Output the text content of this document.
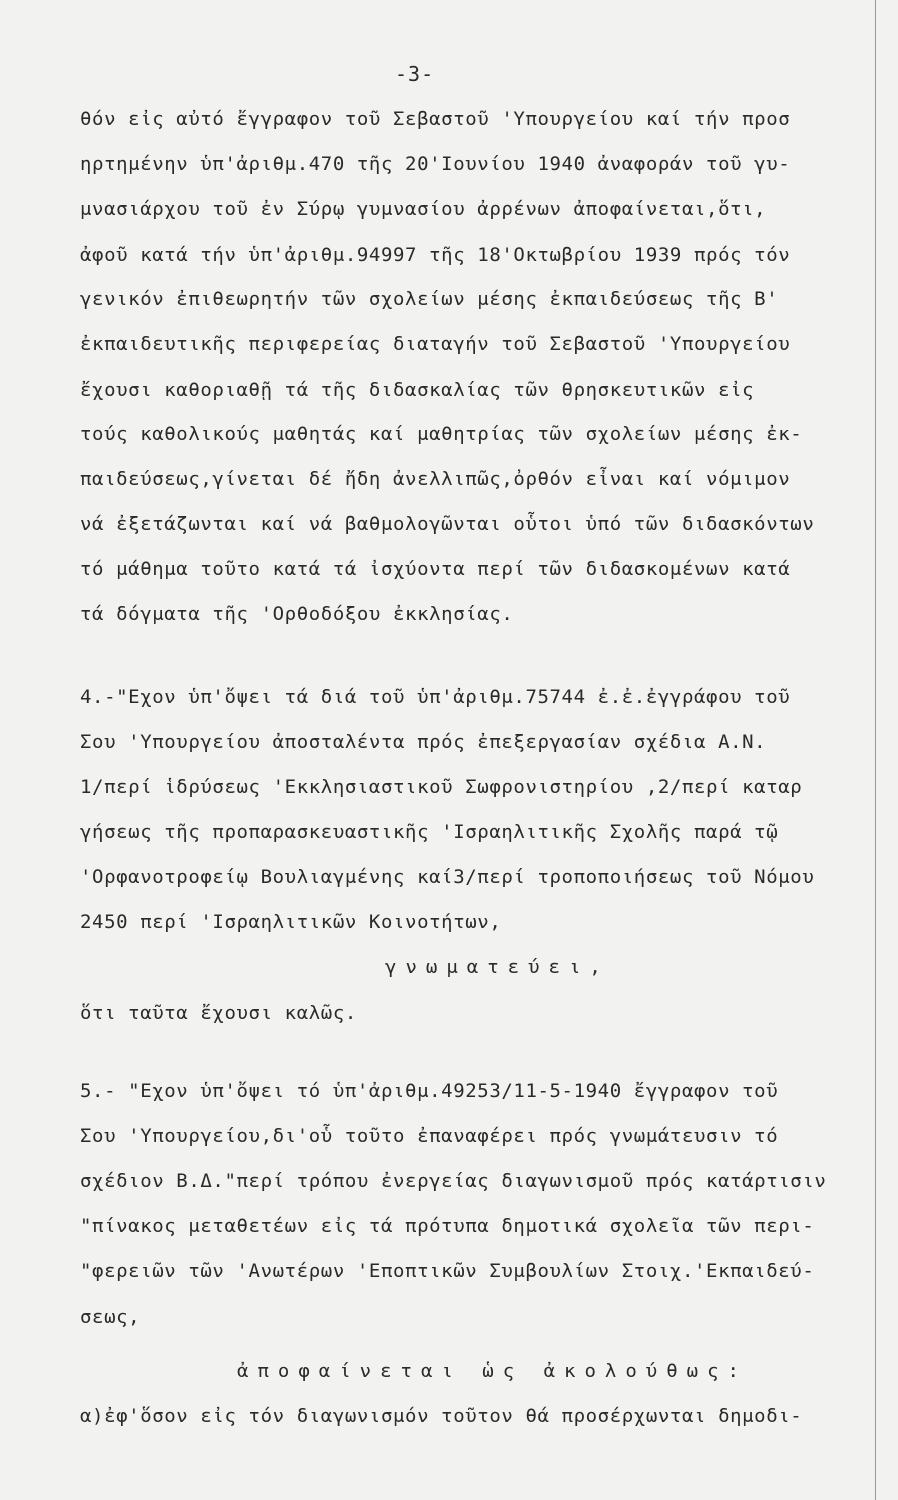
-3-
θόν εἰς αὐτό ἔγγραφον τοῦ Σεβαστοῦ 'Υπουργείου καί τήν προσ
ηρτημένην ὑπ'ἀριθμ.470 τῆς 20'Ιουνίου 1940 ἀναφοράν τοῦ γυ-
μνασιάρχου τοῦ ἐν Σύρῳ γυμνασίου ἀρρένων ἀποφαίνεται,ὅτι,
ἀφοῦ κατά τήν ὑπ'ἀριθμ.94997 τῆς 18'Οκτωβρίου 1939 πρός τόν
γενικόν ἐπιθεωρητήν τῶν σχολείων μέσης ἐκπαιδεύσεως τῆς Β'
ἐκπαιδευτικῆς περιφερείας διαταγήν τοῦ Σεβαστοῦ 'Υπουργείου
ἔχουσι καθοριαθῇ τά τῆς διδασκαλίας τῶν θρησκευτικῶν εἰς
τούς καθολικούς μαθητάς καί μαθητρίας τῶν σχολείων μέσης ἐκ-
παιδεύσεως,γίνεται δέ ἤδη ἀνελλιπῶς,ὀρθόν εἶναι καί νόμιμον
νά ἐξετάζωνται καί νά βαθμολογῶνται οὗτοι ὑπό τῶν διδασκόντων
τό μάθημα τοῦτο κατά τά ἰσχύοντα περί τῶν διδασκομένων κατά
τά δόγματα τῆς 'Ορθοδόξου ἐκκλησίας.
4.-"Εχον ὑπ'ὄψει τά διά τοῦ ὑπ'ἀριθμ.75744 ἐ.ἐ.ἐγγράφου τοῦ
Σου 'Υπουργείου ἀποσταλέντα πρός ἐπεξεργασίαν σχέδια Α.Ν.
1/περί ἱδρύσεως 'Εκκλησιαστικοῦ Σωφρονιστηρίου ,2/περί καταρ
γήσεως τῆς προπαρασκευαστικῆς 'Ισραηλιτικῆς Σχολῆς παρά τῷ
'Ορφανοτροφείῳ Βουλιαγμένης καί3/περί τροποποιήσεως τοῦ Νόμου
2450 περί 'Ισραηλιτικῶν Κοινοτήτων,
γνωματεύει,
ὅτι ταῦτα ἔχουσι καλῶς.
5.- "Εχον ὑπ'ὄψει τό ὑπ'ἀριθμ.49253/11-5-1940 ἔγγραφον τοῦ
Σου 'Υπουργείου,δι'οὗ τοῦτο ἐπαναφέρει πρός γνωμάτευσιν τό
σχέδιον Β.Δ."περί τρόπου ἐνεργείας διαγωνισμοῦ πρός κατάρτισιν
"πίνακος μεταθετέων εἰς τά πρότυπα δημοτικά σχολεῖα τῶν περι-
"φερειῶν τῶν 'Ανωτέρων 'Εποπτικῶν Συμβουλίων Στοιχ.'Εκπαιδεύ-
σεως,
ἀποφαίνεται ὡς ἀκολούθως:
α)ἐφ'ὅσον εἰς τόν διαγωνισμόν τοῦτον θά προσέρχωνται δημοδι-
